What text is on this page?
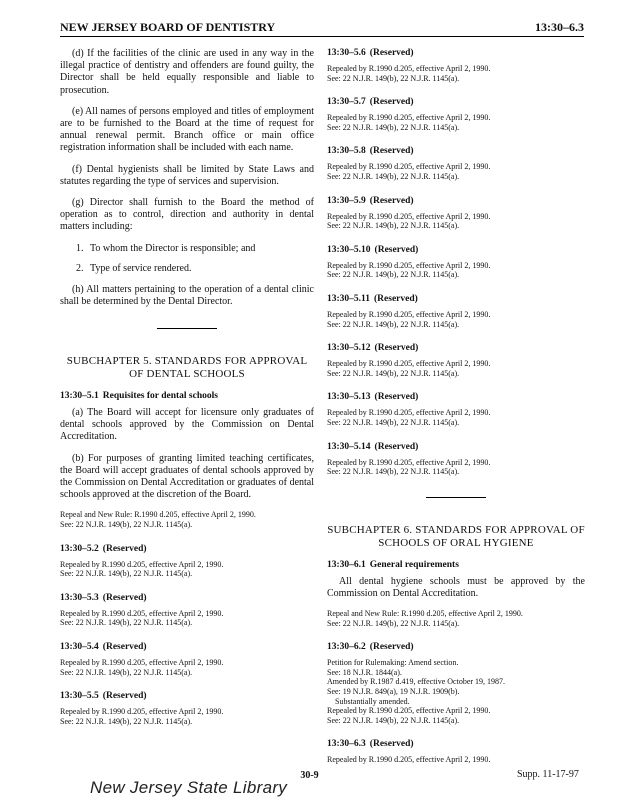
NEW JERSEY BOARD OF DENTISTRY	13:30–6.3

(d) If the facilities of the clinic are used in any way in the illegal practice of dentistry and offenders are found guilty, the Director shall be held equally responsible and liable to prosecution.

(e) All names of persons employed and titles of employment are to be furnished to the Board at the time of request for annual renewal permit. Branch office or main office registration information shall be included with each name.

(f) Dental hygienists shall be limited by State Laws and statutes regarding the type of services and supervision.

(g) Director shall furnish to the Board the method of operation as to control, direction and authority in dental matters including:

1. To whom the Director is responsible; and
2. Type of service rendered.

(h) All matters pertaining to the operation of a dental clinic shall be determined by the Dental Director.

SUBCHAPTER 5. STANDARDS FOR APPROVAL OF DENTAL SCHOOLS
13:30–5.1 Requisites for dental schools

(a) The Board will accept for licensure only graduates of dental schools approved by the Commission on Dental Accreditation.

(b) For purposes of granting limited teaching certificates, the Board will accept graduates of dental schools approved by the Commission on Dental Accreditation or graduates of dental schools approved at the discretion of the Board.

Repeal and New Rule: R.1990 d.205, effective April 2, 1990.
See: 22 N.J.R. 149(b), 22 N.J.R. 1145(a).
13:30–5.2 (Reserved)
Repealed by R.1990 d.205, effective April 2, 1990.
See: 22 N.J.R. 149(b), 22 N.J.R. 1145(a).
13:30–5.3 (Reserved)
Repealed by R.1990 d.205, effective April 2, 1990.
See: 22 N.J.R. 149(b), 22 N.J.R. 1145(a).
13:30–5.4 (Reserved)
Repealed by R.1990 d.205, effective April 2, 1990.
See: 22 N.J.R. 149(b), 22 N.J.R. 1145(a).
13:30–5.5 (Reserved)
Repealed by R.1990 d.205, effective April 2, 1990.
See: 22 N.J.R. 149(b), 22 N.J.R. 1145(a).
13:30–5.6 (Reserved)
Repealed by R.1990 d.205, effective April 2, 1990.
See: 22 N.J.R. 149(b), 22 N.J.R. 1145(a).
13:30–5.7 (Reserved)
Repealed by R.1990 d.205, effective April 2, 1990.
See: 22 N.J.R. 149(b), 22 N.J.R. 1145(a).
13:30–5.8 (Reserved)
Repealed by R.1990 d.205, effective April 2, 1990.
See: 22 N.J.R. 149(b), 22 N.J.R. 1145(a).
13:30–5.9 (Reserved)
Repealed by R.1990 d.205, effective April 2, 1990.
See: 22 N.J.R. 149(b), 22 N.J.R. 1145(a).
13:30–5.10 (Reserved)
Repealed by R.1990 d.205, effective April 2, 1990.
See: 22 N.J.R. 149(b), 22 N.J.R. 1145(a).
13:30–5.11 (Reserved)
Repealed by R.1990 d.205, effective April 2, 1990.
See: 22 N.J.R. 149(b), 22 N.J.R. 1145(a).
13:30–5.12 (Reserved)
Repealed by R.1990 d.205, effective April 2, 1990.
See: 22 N.J.R. 149(b), 22 N.J.R. 1145(a).
13:30–5.13 (Reserved)
Repealed by R.1990 d.205, effective April 2, 1990.
See: 22 N.J.R. 149(b), 22 N.J.R. 1145(a).
13:30–5.14 (Reserved)
Repealed by R.1990 d.205, effective April 2, 1990.
See: 22 N.J.R. 149(b), 22 N.J.R. 1145(a).
SUBCHAPTER 6. STANDARDS FOR APPROVAL OF SCHOOLS OF ORAL HYGIENE
13:30–6.1 General requirements

All dental hygiene schools must be approved by the Commission on Dental Accreditation.

Repeal and New Rule: R.1990 d.205, effective April 2, 1990.
See: 22 N.J.R. 149(b), 22 N.J.R. 1145(a).
13:30–6.2 (Reserved)
Petition for Rulemaking: Amend section.
See: 18 N.J.R. 1844(a).
Amended by R.1987 d.419, effective October 19, 1987.
See: 19 N.J.R. 849(a), 19 N.J.R. 1909(b).
Substantially amended.
Repealed by R.1990 d.205, effective April 2, 1990.
See: 22 N.J.R. 149(b), 22 N.J.R. 1145(a).
13:30–6.3 (Reserved)
Repealed by R.1990 d.205, effective April 2, 1990.
30-9	Supp. 11-17-97
New Jersey State Library
